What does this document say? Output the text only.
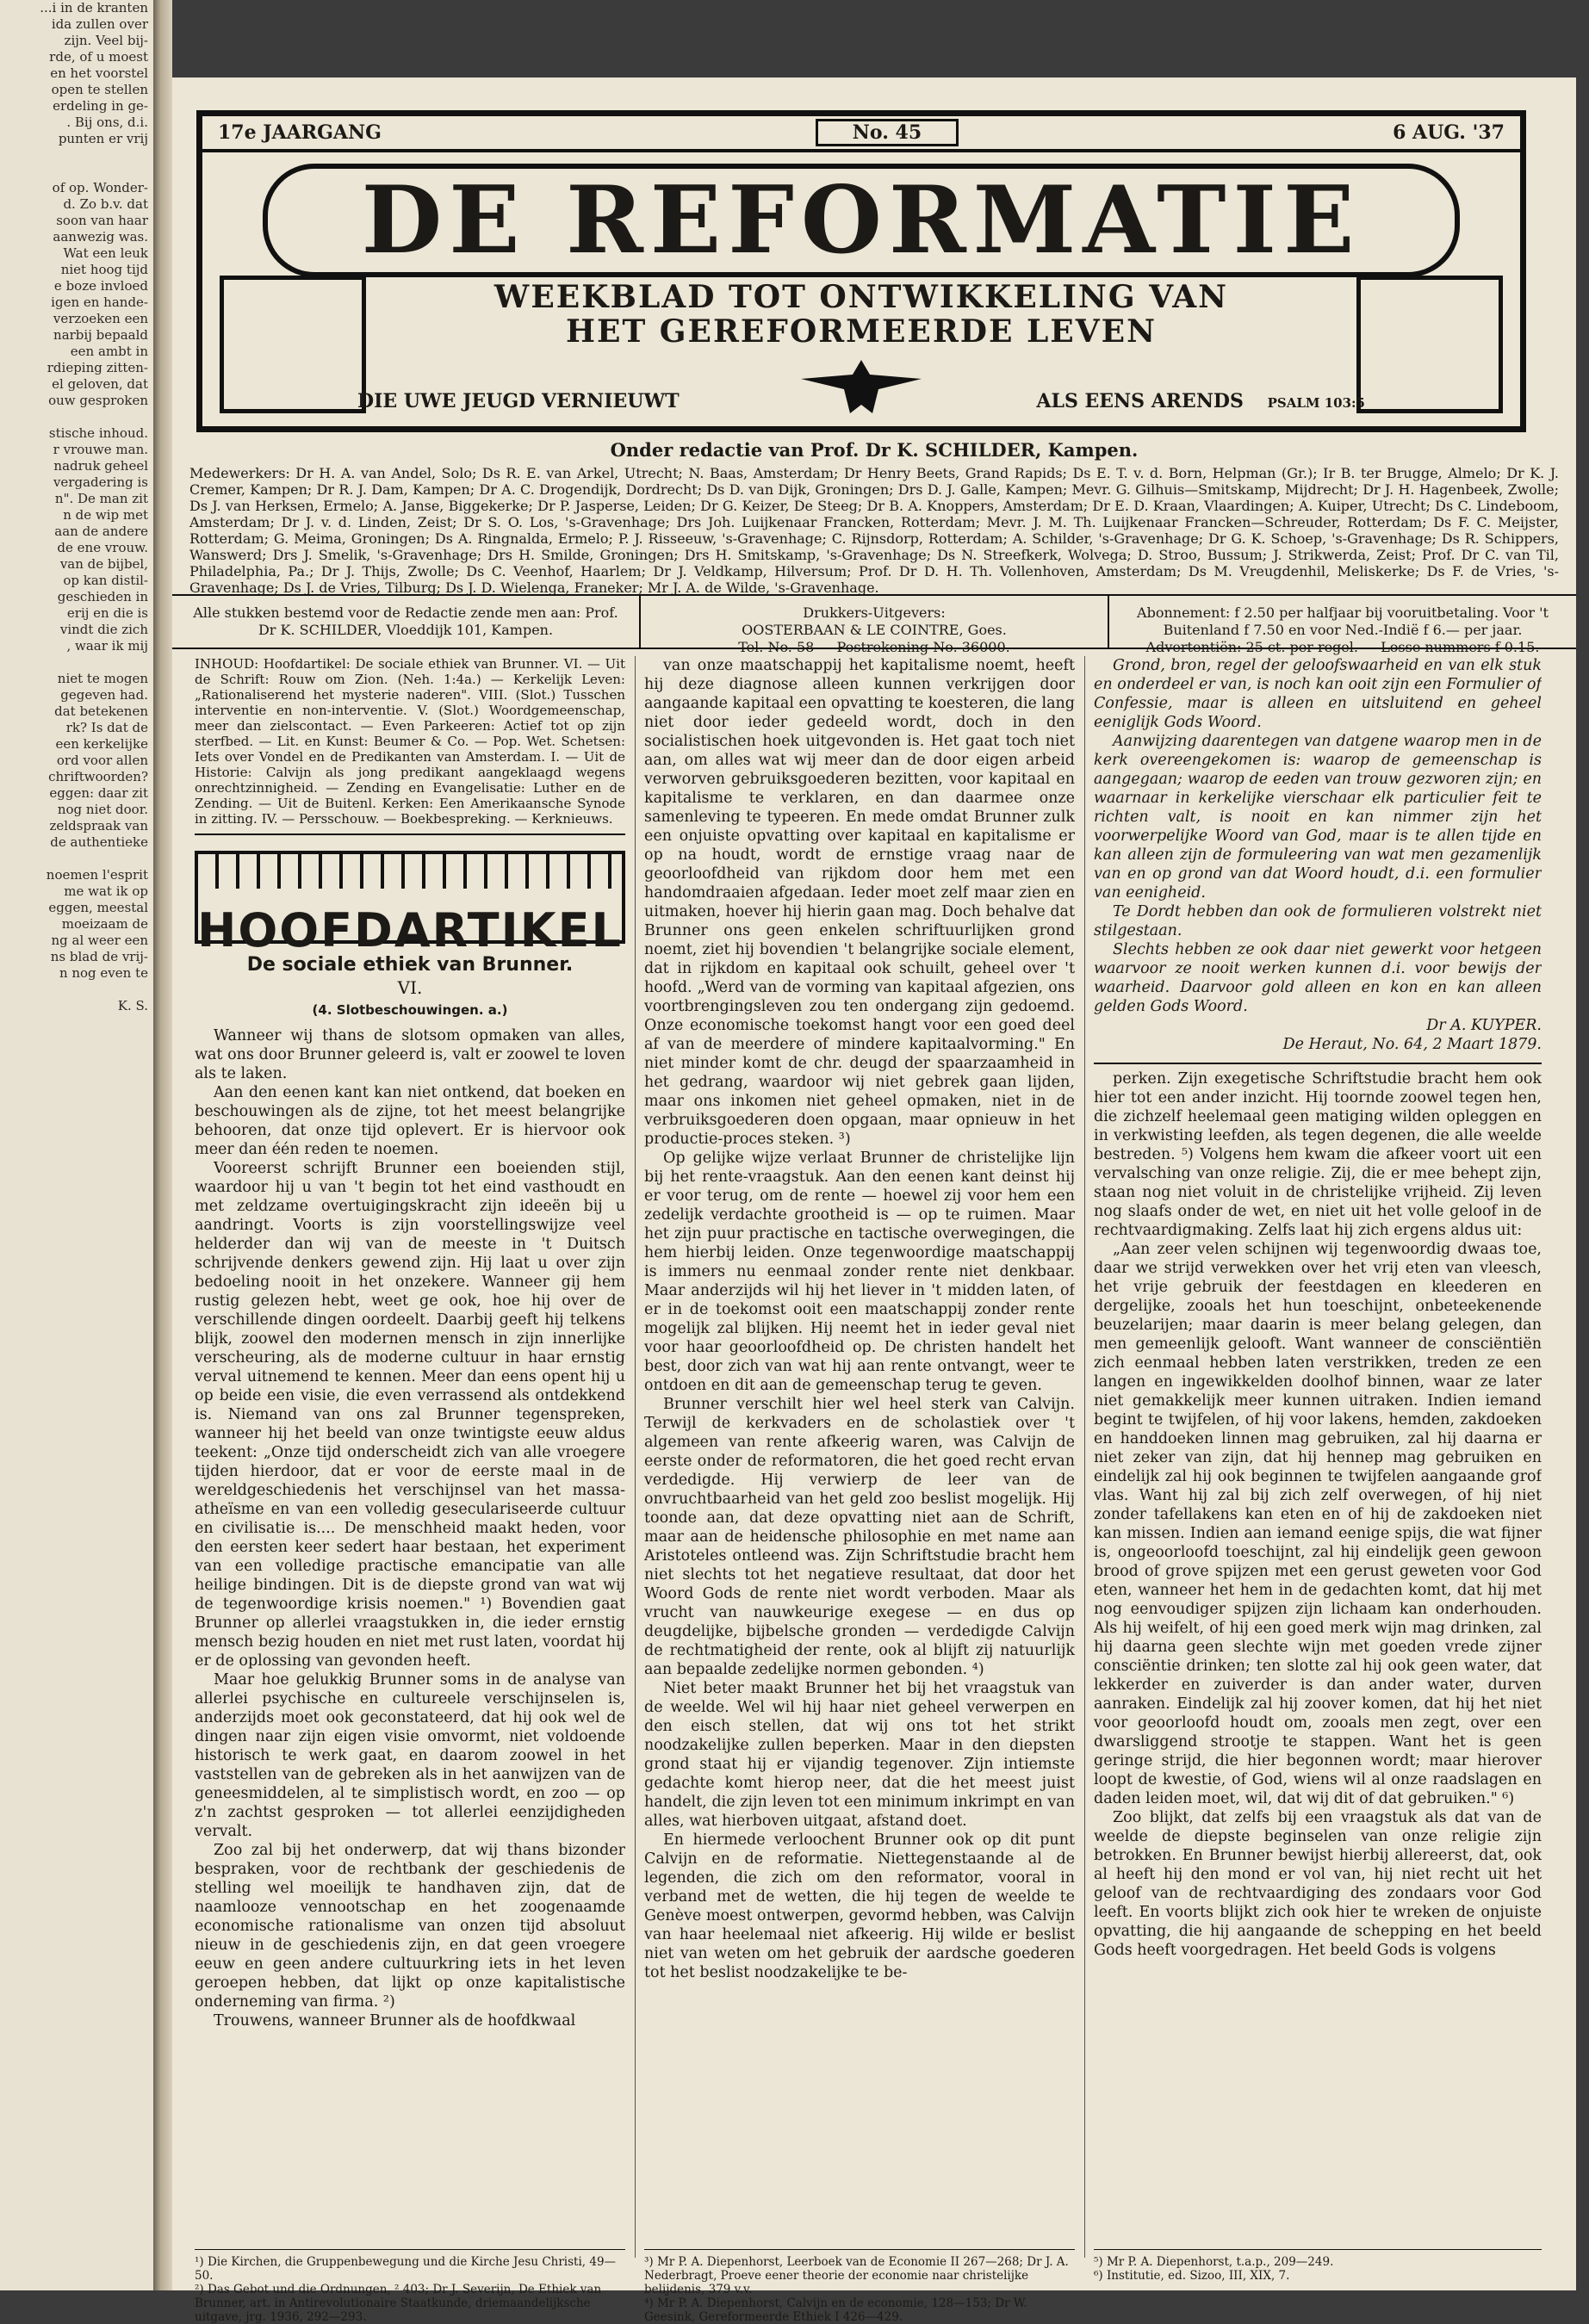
...i in de kranten
ida zullen over
zijn. Veel bij-
rde, of u moest
en het voorstel
open te stellen
erdeling in ge-
. Bij ons, d.i.
punten er vrij

of op. Wonder-
d. Zo b.v. dat
soon van haar
aanwezig was.
Wat een leuk
niet hoog tijd
e boze invloed
igen en hande-
verzoeken een
narbij bepaald
een ambt in
rdieping zitten-
el geloven, dat
ouw gesproken

stische inhoud.
r vrouwe man.
nadruk geheel
vergadering is
n". De man zit
n de wip met
aan de andere
de ene vrouw.
van de bijbel,
op kan distil-
geschieden in
erij en die is
vindt die zich
, waar ik mij

niet te mogen
gegeven had.
dat betekenen
rk? Is dat de
een kerkelijke
ord voor allen
chriftwoorden?
eggen: daar zit
nog niet door.
zeldspraak van
de authentieke

noemen l'esprit
me wat ik op
eggen, meestal
moeizaam de
ng al weer een
ns blad de vrij-
n nog even te

K. S.
17e JAARGANG	No. 45	6 AUG. '37
DE REFORMATIE
WEEKBLAD TOT ONTWIKKELING VAN
HET GEREFORMEERDE LEVEN
DIE UWE JEUGD VERNIEUWT	ALS EENS ARENDS PSALM 103:5
Onder redactie van Prof. Dr K. SCHILDER, Kampen.
Medewerkers: Dr H. A. van Andel, Solo; Ds R. E. van Arkel, Utrecht; N. Baas, Amsterdam; Dr Henry Beets, Grand Rapids; Ds E. T. v. d. Born, Helpman (Gr.); Ir B. ter Brugge, Almelo; Dr K. J. Cremer, Kampen; Dr R. J. Dam, Kampen; Dr A. C. Drogendijk, Dordrecht; Ds D. van Dijk, Groningen; Drs D. J. Galle, Kampen; Mevr. G. Gilhuis—Smitskamp, Mijdrecht; Dr J. H. Hagenbeek, Zwolle; Ds J. van Herksen, Ermelo; A. Janse, Biggekerke; Dr P. Jasperse, Leiden; Dr G. Keizer, De Steeg; Dr B. A. Knoppers, Amsterdam; Dr E. D. Kraan, Vlaardingen; A. Kuiper, Utrecht; Ds C. Lindeboom, Amsterdam; Dr J. v. d. Linden, Zeist; Dr S. O. Los, 's-Gravenhage; Drs Joh. Luijkenaar Francken, Rotterdam; Mevr. J. M. Th. Luijkenaar Francken—Schreuder, Rotterdam; Ds F. C. Meijster, Rotterdam; G. Meima, Groningen; Ds A. Ringnalda, Ermelo; P. J. Risseeuw, 's-Gravenhage; C. Rijnsdorp, Rotterdam; A. Schilder, 's-Gravenhage; Dr G. K. Schoep, 's-Gravenhage; Ds R. Schippers, Wanswerd; Drs J. Smelik, 's-Gravenhage; Drs H. Smilde, Groningen; Drs H. Smitskamp, 's-Gravenhage; Ds N. Streefkerk, Wolvega; D. Stroo, Bussum; J. Strikwerda, Zeist; Prof. Dr C. van Til, Philadelphia, Pa.; Dr J. Thijs, Zwolle; Ds C. Veenhof, Haarlem; Dr J. Veldkamp, Hilversum; Prof. Dr D. H. Th. Vollenhoven, Amsterdam; Ds M. Vreugdenhil, Meliskerke; Ds F. de Vries, 's-Gravenhage; Ds J. de Vries, Tilburg; Ds J. D. Wielenga, Franeker; Mr J. A. de Wilde, 's-Gravenhage.
Alle stukken bestemd voor de Redactie zende men aan: Prof. Dr K. SCHILDER, Vloeddijk 101, Kampen.
Drukkers-Uitgevers:
OOSTERBAAN & LE COINTRE, Goes.
Tel. No. 58 — Postrekening No. 36000.
Abonnement: f 2.50 per halfjaar bij vooruitbetaling. Voor 't Buitenland f 7.50 en voor Ned.-Indië f 6.— per jaar. Advertentiën: 25 ct. per regel. — Losse nummers f 0.15.
INHOUD: Hoofdartikel: De sociale ethiek van Brunner. VI. — Uit de Schrift: Rouw om Zion. (Neh. 1:4a.) — Kerkelijk Leven: „Rationaliserend het mysterie naderen". VIII. (Slot.) Tusschen interventie en non-interventie. V. (Slot.) Woordgemeenschap, meer dan zielscontact. — Even Parkeeren: Actief tot op zijn sterfbed. — Lit. en Kunst: Beumer & Co. — Pop. Wet. Schetsen: Iets over Vondel en de Predikanten van Amsterdam. I. — Uit de Historie: Calvijn als jong predikant aangeklaagd wegens onrechtzinnigheid. — Zending en Evangelisatie: Luther en de Zending. — Uit de Buitenl. Kerken: Een Amerikaansche Synode in zitting. IV. — Persschouw. — Boekbespreking. — Kerknieuws.
HOOFDARTIKEL
De sociale ethiek van Brunner.
VI.
(4. Slotbeschouwingen. a.)

Wanneer wij thans de slotsom opmaken van alles, wat ons door Brunner geleerd is, valt er zoowel te loven als te laken.

Aan den eenen kant kan niet ontkend, dat boeken en beschouwingen als de zijne, tot het meest belangrijke behooren, dat onze tijd oplevert. Er is hiervoor ook meer dan één reden te noemen.

Vooreerst schrijft Brunner een boeienden stijl, waardoor hij u van 't begin tot het eind vasthoudt en met zeldzame overtuigingskracht zijn ideeën bij u aandringt. Voorts is zijn voorstellingswijze veel helderder dan wij van de meeste in 't Duitsch schrijvende denkers gewend zijn. Hij laat u over zijn bedoeling nooit in het onzekere. Wanneer gij hem rustig gelezen hebt, weet ge ook, hoe hij over de verschillende dingen oordeelt. Daarbij geeft hij telkens blijk, zoowel den modernen mensch in zijn innerlijke verscheuring, als de moderne cultuur in haar ernstig verval uitnemend te kennen. Meer dan eens opent hij u op beide een visie, die even verrassend als ontdekkend is. Niemand van ons zal Brunner tegenspreken, wanneer hij het beeld van onze twintigste eeuw aldus teekent: „Onze tijd onderscheidt zich van alle vroegere tijden hierdoor, dat er voor de eerste maal in de wereldgeschiedenis het verschijnsel van het massa-atheïsme en van een volledig geseculariseerde cultuur en civilisatie is.... De menschheid maakt heden, voor den eersten keer sedert haar bestaan, het experiment van een volledige practische emancipatie van alle heilige bindingen. Dit is de diepste grond van wat wij de tegenwoordige krisis noemen." ¹) Bovendien gaat Brunner op allerlei vraagstukken in, die ieder ernstig mensch bezig houden en niet met rust laten, voordat hij er de oplossing van gevonden heeft.

Maar hoe gelukkig Brunner soms in de analyse van allerlei psychische en cultureele verschijnselen is, anderzijds moet ook geconstateerd, dat hij ook wel de dingen naar zijn eigen visie omvormt, niet voldoende historisch te werk gaat, en daarom zoowel in het vaststellen van de gebreken als in het aanwijzen van de geneesmiddelen, al te simplistisch wordt, en zoo — op z'n zachtst gesproken — tot allerlei eenzijdigheden vervalt.

Zoo zal bij het onderwerp, dat wij thans bizonder bespraken, voor de rechtbank der geschiedenis de stelling wel moeilijk te handhaven zijn, dat de naamlooze vennootschap en het zoogenaamde economische rationalisme van onzen tijd absoluut nieuw in de geschiedenis zijn, en dat geen vroegere eeuw en geen andere cultuurkring iets in het leven geroepen hebben, dat lijkt op onze kapitalistische onderneming van firma. ²)

Trouwens, wanneer Brunner als de hoofdkwaal

van onze maatschappij het kapitalisme noemt, heeft hij deze diagnose alleen kunnen verkrijgen door aangaande kapitaal een opvatting te koesteren, die lang niet door ieder gedeeld wordt, doch in den socialistischen hoek uitgevonden is. Het gaat toch niet aan, om alles wat wij meer dan de door eigen arbeid verworven gebruiksgoederen bezitten, voor kapitaal en kapitalisme te verklaren, en dan daarmee onze samenleving te typeeren. En mede omdat Brunner zulk een onjuiste opvatting over kapitaal en kapitalisme er op na houdt, wordt de ernstige vraag naar de geoorloofdheid van rijkdom door hem met een handomdraaien afgedaan. Ieder moet zelf maar zien en uitmaken, hoever hij hierin gaan mag. Doch behalve dat Brunner ons geen enkelen schriftuurlijken grond noemt, ziet hij bovendien 't belangrijke sociale element, dat in rijkdom en kapitaal ook schuilt, geheel over 't hoofd. „Werd van de vorming van kapitaal afgezien, ons voortbrengingsleven zou ten ondergang zijn gedoemd. Onze economische toekomst hangt voor een goed deel af van de meerdere of mindere kapitaalvorming." En niet minder komt de chr. deugd der spaarzaamheid in het gedrang, waardoor wij niet gebrek gaan lijden, maar ons inkomen niet geheel opmaken, niet in de verbruiksgoederen doen opgaan, maar opnieuw in het productie-proces steken. ³)

Op gelijke wijze verlaat Brunner de christelijke lijn bij het rente-vraagstuk. Aan den eenen kant deinst hij er voor terug, om de rente — hoewel zij voor hem een zedelijk verdachte grootheid is — op te ruimen. Maar het zijn puur practische en tactische overwegingen, die hem hierbij leiden. Onze tegenwoordige maatschappij is immers nu eenmaal zonder rente niet denkbaar. Maar anderzijds wil hij het liever in 't midden laten, of er in de toekomst ooit een maatschappij zonder rente mogelijk zal blijken. Hij neemt het in ieder geval niet voor haar geoorloofdheid op. De christen handelt het best, door zich van wat hij aan rente ontvangt, weer te ontdoen en dit aan de gemeenschap terug te geven.

Brunner verschilt hier wel heel sterk van Calvijn. Terwijl de kerkvaders en de scholastiek over 't algemeen van rente afkeerig waren, was Calvijn de eerste onder de reformatoren, die het goed recht ervan verdedigde. Hij verwierp de leer van de onvruchtbaarheid van het geld zoo beslist mogelijk. Hij toonde aan, dat deze opvatting niet aan de Schrift, maar aan de heidensche philosophie en met name aan Aristoteles ontleend was. Zijn Schriftstudie bracht hem niet slechts tot het negatieve resultaat, dat door het Woord Gods de rente niet wordt verboden. Maar als vrucht van nauwkeurige exegese — en dus op deugdelijke, bijbelsche gronden — verdedigde Calvijn de rechtmatigheid der rente, ook al blijft zij natuurlijk aan bepaalde zedelijke normen gebonden. ⁴)

Niet beter maakt Brunner het bij het vraagstuk van de weelde. Wel wil hij haar niet geheel verwerpen en den eisch stellen, dat wij ons tot het strikt noodzakelijke zullen beperken. Maar in den diepsten grond staat hij er vijandig tegenover. Zijn intiemste gedachte komt hierop neer, dat die het meest juist handelt, die zijn leven tot een minimum inkrimpt en van alles, wat hierboven uitgaat, afstand doet.

En hiermede verloochent Brunner ook op dit punt Calvijn en de reformatie. Niettegenstaande al de legenden, die zich om den reformator, vooral in verband met de wetten, die hij tegen de weelde te Genève moest ontwerpen, gevormd hebben, was Calvijn van haar heelemaal niet afkeerig. Hij wilde er beslist niet van weten om het gebruik der aardsche goederen tot het beslist noodzakelijke te be-

Grond, bron, regel der geloofswaarheid en van elk stuk en onderdeel er van, is noch kan ooit zijn een Formulier of Confessie, maar is alleen en uitsluitend en geheel eeniglijk Gods Woord.

Aanwijzing daarentegen van datgene waarop men in de kerk overeengekomen is: waarop de gemeenschap is aangegaan; waarop de eeden van trouw gezworen zijn; en waarnaar in kerkelijke vierschaar elk particulier feit te richten valt, is nooit en kan nimmer zijn het voorwerpelijke Woord van God, maar is te allen tijde en kan alleen zijn de formuleering van wat men gezamenlijk van en op grond van dat Woord houdt, d.i. een formulier van eenigheid.

Te Dordt hebben dan ook de formulieren volstrekt niet stilgestaan.

Slechts hebben ze ook daar niet gewerkt voor hetgeen waarvoor ze nooit werken kunnen d.i. voor bewijs der waarheid. Daarvoor gold alleen en kon en kan alleen gelden Gods Woord.

Dr A. KUYPER.
De Heraut, No. 64, 2 Maart 1879.

perken. Zijn exegetische Schriftstudie bracht hem ook hier tot een ander inzicht. Hij toornde zoowel tegen hen, die zichzelf heelemaal geen matiging wilden opleggen en in verkwisting leefden, als tegen degenen, die alle weelde bestreden. ⁵) Volgens hem kwam die afkeer voort uit een vervalsching van onze religie. Zij, die er mee behept zijn, staan nog niet voluit in de christelijke vrijheid. Zij leven nog slaafs onder de wet, en niet uit het volle geloof in de rechtvaardigmaking. Zelfs laat hij zich ergens aldus uit:

„Aan zeer velen schijnen wij tegenwoordig dwaas toe, daar we strijd verwekken over het vrij eten van vleesch, het vrije gebruik der feestdagen en kleederen en dergelijke, zooals het hun toeschijnt, onbeteekenende beuzelarijen; maar daarin is meer belang gelegen, dan men gemeenlijk gelooft. Want wanneer de consciëntiën zich eenmaal hebben laten verstrikken, treden ze een langen en ingewikkelden doolhof binnen, waar ze later niet gemakkelijk meer kunnen uitraken. Indien iemand begint te twijfelen, of hij voor lakens, hemden, zakdoeken en handdoeken linnen mag gebruiken, zal hij daarna er niet zeker van zijn, dat hij hennep mag gebruiken en eindelijk zal hij ook beginnen te twijfelen aangaande grof vlas. Want hij zal bij zich zelf overwegen, of hij niet zonder tafellakens kan eten en of hij de zakdoeken niet kan missen. Indien aan iemand eenige spijs, die wat fijner is, ongeoorloofd toeschijnt, zal hij eindelijk geen gewoon brood of grove spijzen met een gerust geweten voor God eten, wanneer het hem in de gedachten komt, dat hij met nog eenvoudiger spijzen zijn lichaam kan onderhouden. Als hij weifelt, of hij een goed merk wijn mag drinken, zal hij daarna geen slechte wijn met goeden vrede zijner consciëntie drinken; ten slotte zal hij ook geen water, dat lekkerder en zuiverder is dan ander water, durven aanraken. Eindelijk zal hij zoover komen, dat hij het niet voor geoorloofd houdt om, zooals men zegt, over een dwarsliggend strootje te stappen. Want het is geen geringe strijd, die hier begonnen wordt; maar hierover loopt de kwestie, of God, wiens wil al onze raadslagen en daden leiden moet, wil, dat wij dit of dat gebruiken." ⁶)

Zoo blijkt, dat zelfs bij een vraagstuk als dat van de weelde de diepste beginselen van onze religie zijn betrokken. En Brunner bewijst hierbij allereerst, dat, ook al heeft hij den mond er vol van, hij niet recht uit het geloof van de rechtvaardiging des zondaars voor God leeft. En voorts blijkt zich ook hier te wreken de onjuiste opvatting, die hij aangaande de schepping en het beeld Gods heeft voorgedragen. Het beeld Gods is volgens

¹) Die Kirchen, die Gruppenbewegung und die Kirche Jesu Christi, 49—50.
²) Das Gebot und die Ordnungen, ² 403; Dr J. Severijn, De Ethiek van Brunner, art. in Antirevolutionaire Staatkunde, driemaandelijksche uitgave, jrg. 1936, 292—293.
³) Mr P. A. Diepenhorst, Leerboek van de Economie II 267—268; Dr J. A. Nederbragt, Proeve eener theorie der economie naar christelijke belijdenis, 379 v.v.
⁴) Mr P. A. Diepenhorst, Calvijn en de economie, 128—153; Dr W. Geesink, Gereformeerde Ethiek I 426—429.
⁵) Mr P. A. Diepenhorst, t.a.p., 209—249.
⁶) Institutie, ed. Sizoo, III, XIX, 7.
